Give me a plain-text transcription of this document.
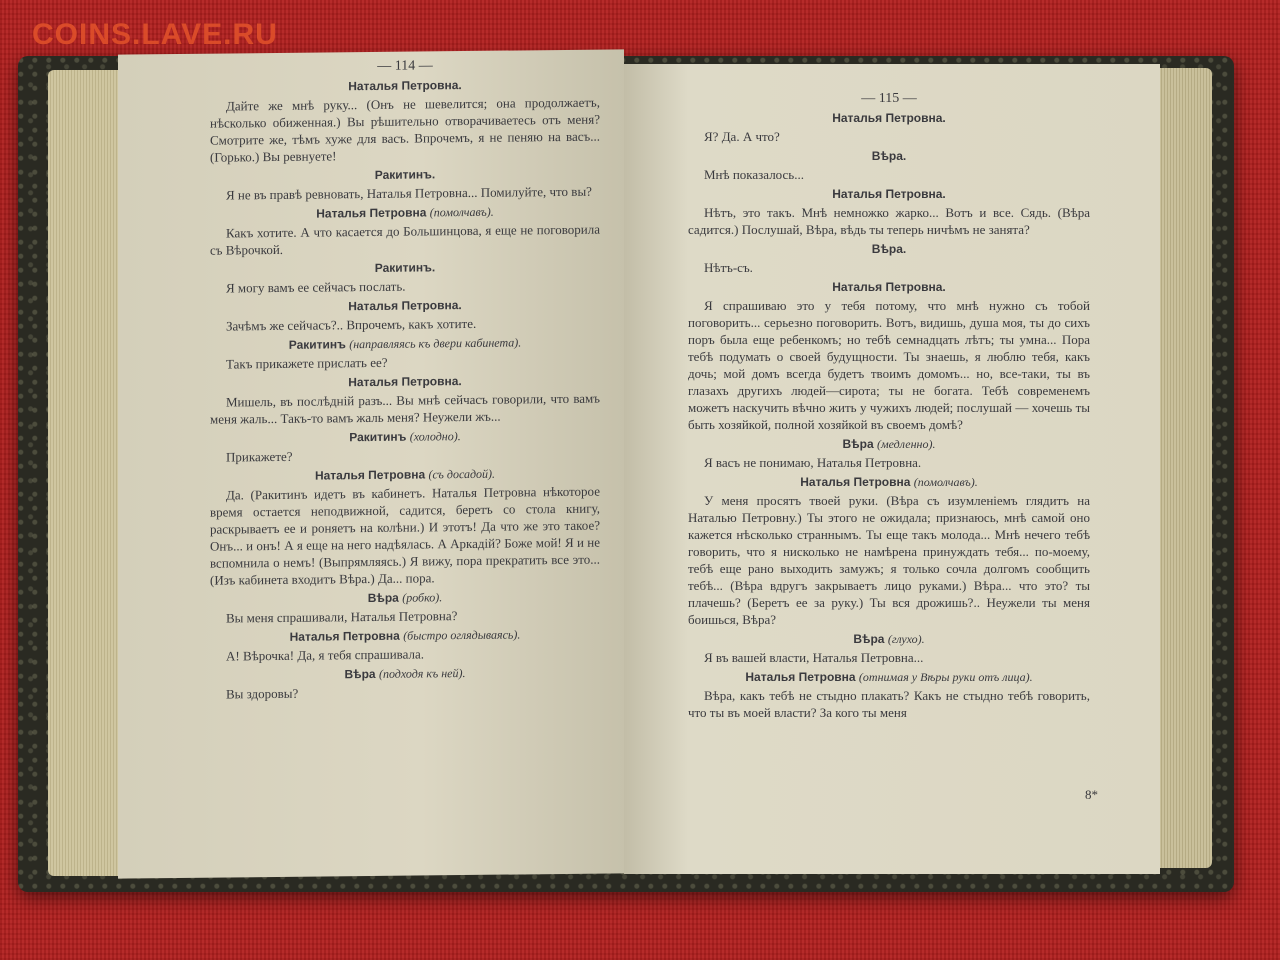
COINS.LAVE.RU
— 114 —
Наталья Петровна.

Дайте же мнѣ руку... (Онъ не шевелится; она продолжаетъ, нѣсколько обиженная.) Вы рѣшительно отворачиваетесь отъ меня? Смотрите же, тѣмъ хуже для васъ. Впрочемъ, я не пеняю на васъ... (Горько.) Вы ревнуете!

Ракитинъ.

Я не въ правѣ ревновать, Наталья Петровна... Помилуйте, что вы?

Наталья Петровна (помолчавъ).

Какъ хотите. А что касается до Большинцова, я еще не поговорила съ Вѣрочкой.

Ракитинъ.

Я могу вамъ ее сейчасъ послать.

Наталья Петровна.

Зачѣмъ же сейчасъ?.. Впрочемъ, какъ хотите.

Ракитинъ (направляясь къ двери кабинета).

Такъ прикажете прислать ее?

Наталья Петровна.

Мишель, въ послѣдній разъ... Вы мнѣ сейчасъ говорили, что вамъ меня жаль... Такъ-то вамъ жаль меня? Неужели жъ...

Ракитинъ (холодно).

Прикажете?

Наталья Петровна (съ досадой).

Да. (Ракитинъ идетъ въ кабинетъ. Наталья Петровна нѣкоторое время остается неподвижной, садится, беретъ со стола книгу, раскрываетъ ее и роняетъ на колѣни.) И этотъ! Да что же это такое? Онъ... и онъ! А я еще на него надѣялась. А Аркадій? Боже мой! Я и не вспомнила о немъ! (Выпрямляясь.) Я вижу, пора прекратить все это... (Изъ кабинета входитъ Вѣра.) Да... пора.

Вѣра (робко).

Вы меня спрашивали, Наталья Петровна?

Наталья Петровна (быстро оглядываясь).

А! Вѣрочка! Да, я тебя спрашивала.

Вѣра (подходя къ ней).

Вы здоровы?

— 115 —
Наталья Петровна.

Я? Да. А что?

Вѣра.

Мнѣ показалось...

Наталья Петровна.

Нѣтъ, это такъ. Мнѣ немножко жарко... Вотъ и все. Сядь. (Вѣра садится.) Послушай, Вѣра, вѣдь ты теперь ничѣмъ не занята?

Вѣра.

Нѣтъ-съ.

Наталья Петровна.

Я спрашиваю это у тебя потому, что мнѣ нужно съ тобой поговорить... серьезно поговорить. Вотъ, видишь, душа моя, ты до сихъ поръ была еще ребенкомъ; но тебѣ семнадцать лѣтъ; ты умна... Пора тебѣ подумать о своей будущности. Ты знаешь, я люблю тебя, какъ дочь; мой домъ всегда будетъ твоимъ домомъ... но, все-таки, ты въ глазахъ другихъ людей—сирота; ты не богата. Тебѣ современемъ можетъ наскучить вѣчно жить у чужихъ людей; послушай — хочешь ты быть хозяйкой, полной хозяйкой въ своемъ домѣ?

Вѣра (медленно).

Я васъ не понимаю, Наталья Петровна.

Наталья Петровна (помолчавъ).

У меня просятъ твоей руки. (Вѣра съ изумленіемъ глядитъ на Наталью Петровну.) Ты этого не ожидала; признаюсь, мнѣ самой оно кажется нѣсколько страннымъ. Ты еще такъ молода... Мнѣ нечего тебѣ говорить, что я нисколько не намѣрена принуждать тебя... по-моему, тебѣ еще рано выходить замужъ; я только сочла долгомъ сообщить тебѣ... (Вѣра вдругъ закрываетъ лицо руками.) Вѣра... что это? ты плачешь? (Беретъ ее за руку.) Ты вся дрожишь?.. Неужели ты меня боишься, Вѣра?

Вѣра (глухо).

Я въ вашей власти, Наталья Петровна...

Наталья Петровна (отнимая у Вѣры руки отъ лица).

Вѣра, какъ тебѣ не стыдно плакать? Какъ не стыдно тебѣ говорить, что ты въ моей власти? За кого ты меня

8*
